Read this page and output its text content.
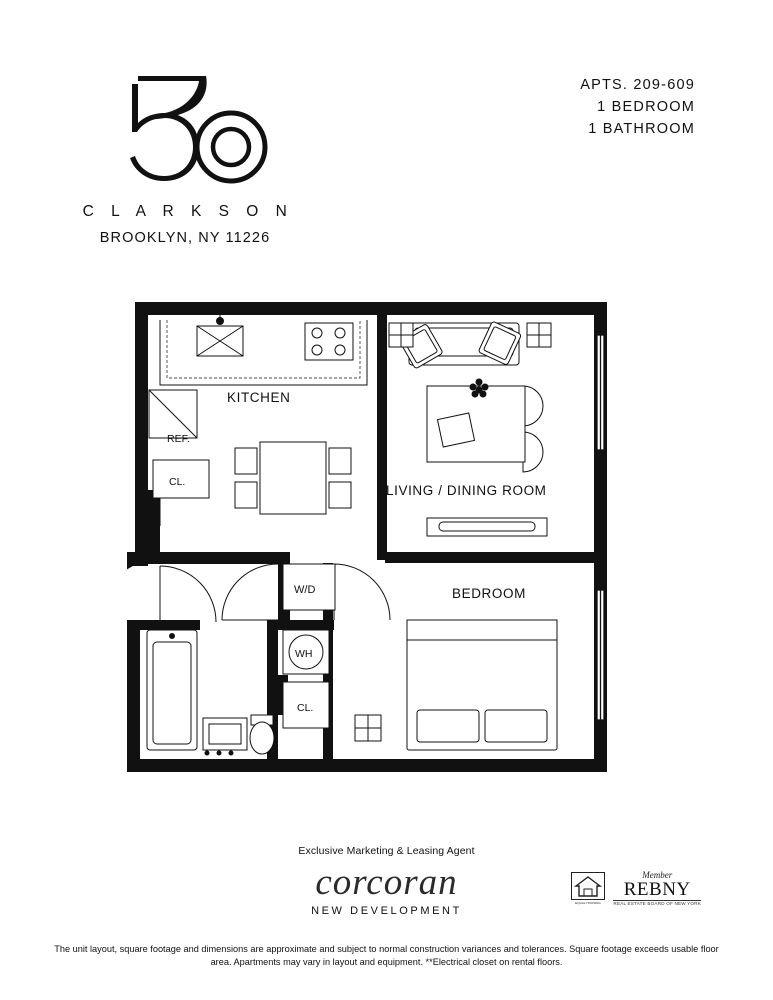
C L A R K S O N
BROOKLYN, NY 11226
APTS. 209-609
1 BEDROOM
1 BATHROOM
KITCHEN
LIVING / DINING ROOM
BEDROOM
REF.
CL.
W/D
WH
CL.
Exclusive Marketing & Leasing Agent
corcoran
NEW DEVELOPMENT
EQUAL HOUSING
Member
REBNY
REAL ESTATE BOARD OF NEW YORK
The unit layout, square footage and dimensions are approximate and subject to normal construction variances and tolerances. Square footage exceeds usable floor
area. Apartments may vary in layout and equipment. **Electrical closet on rental floors.
